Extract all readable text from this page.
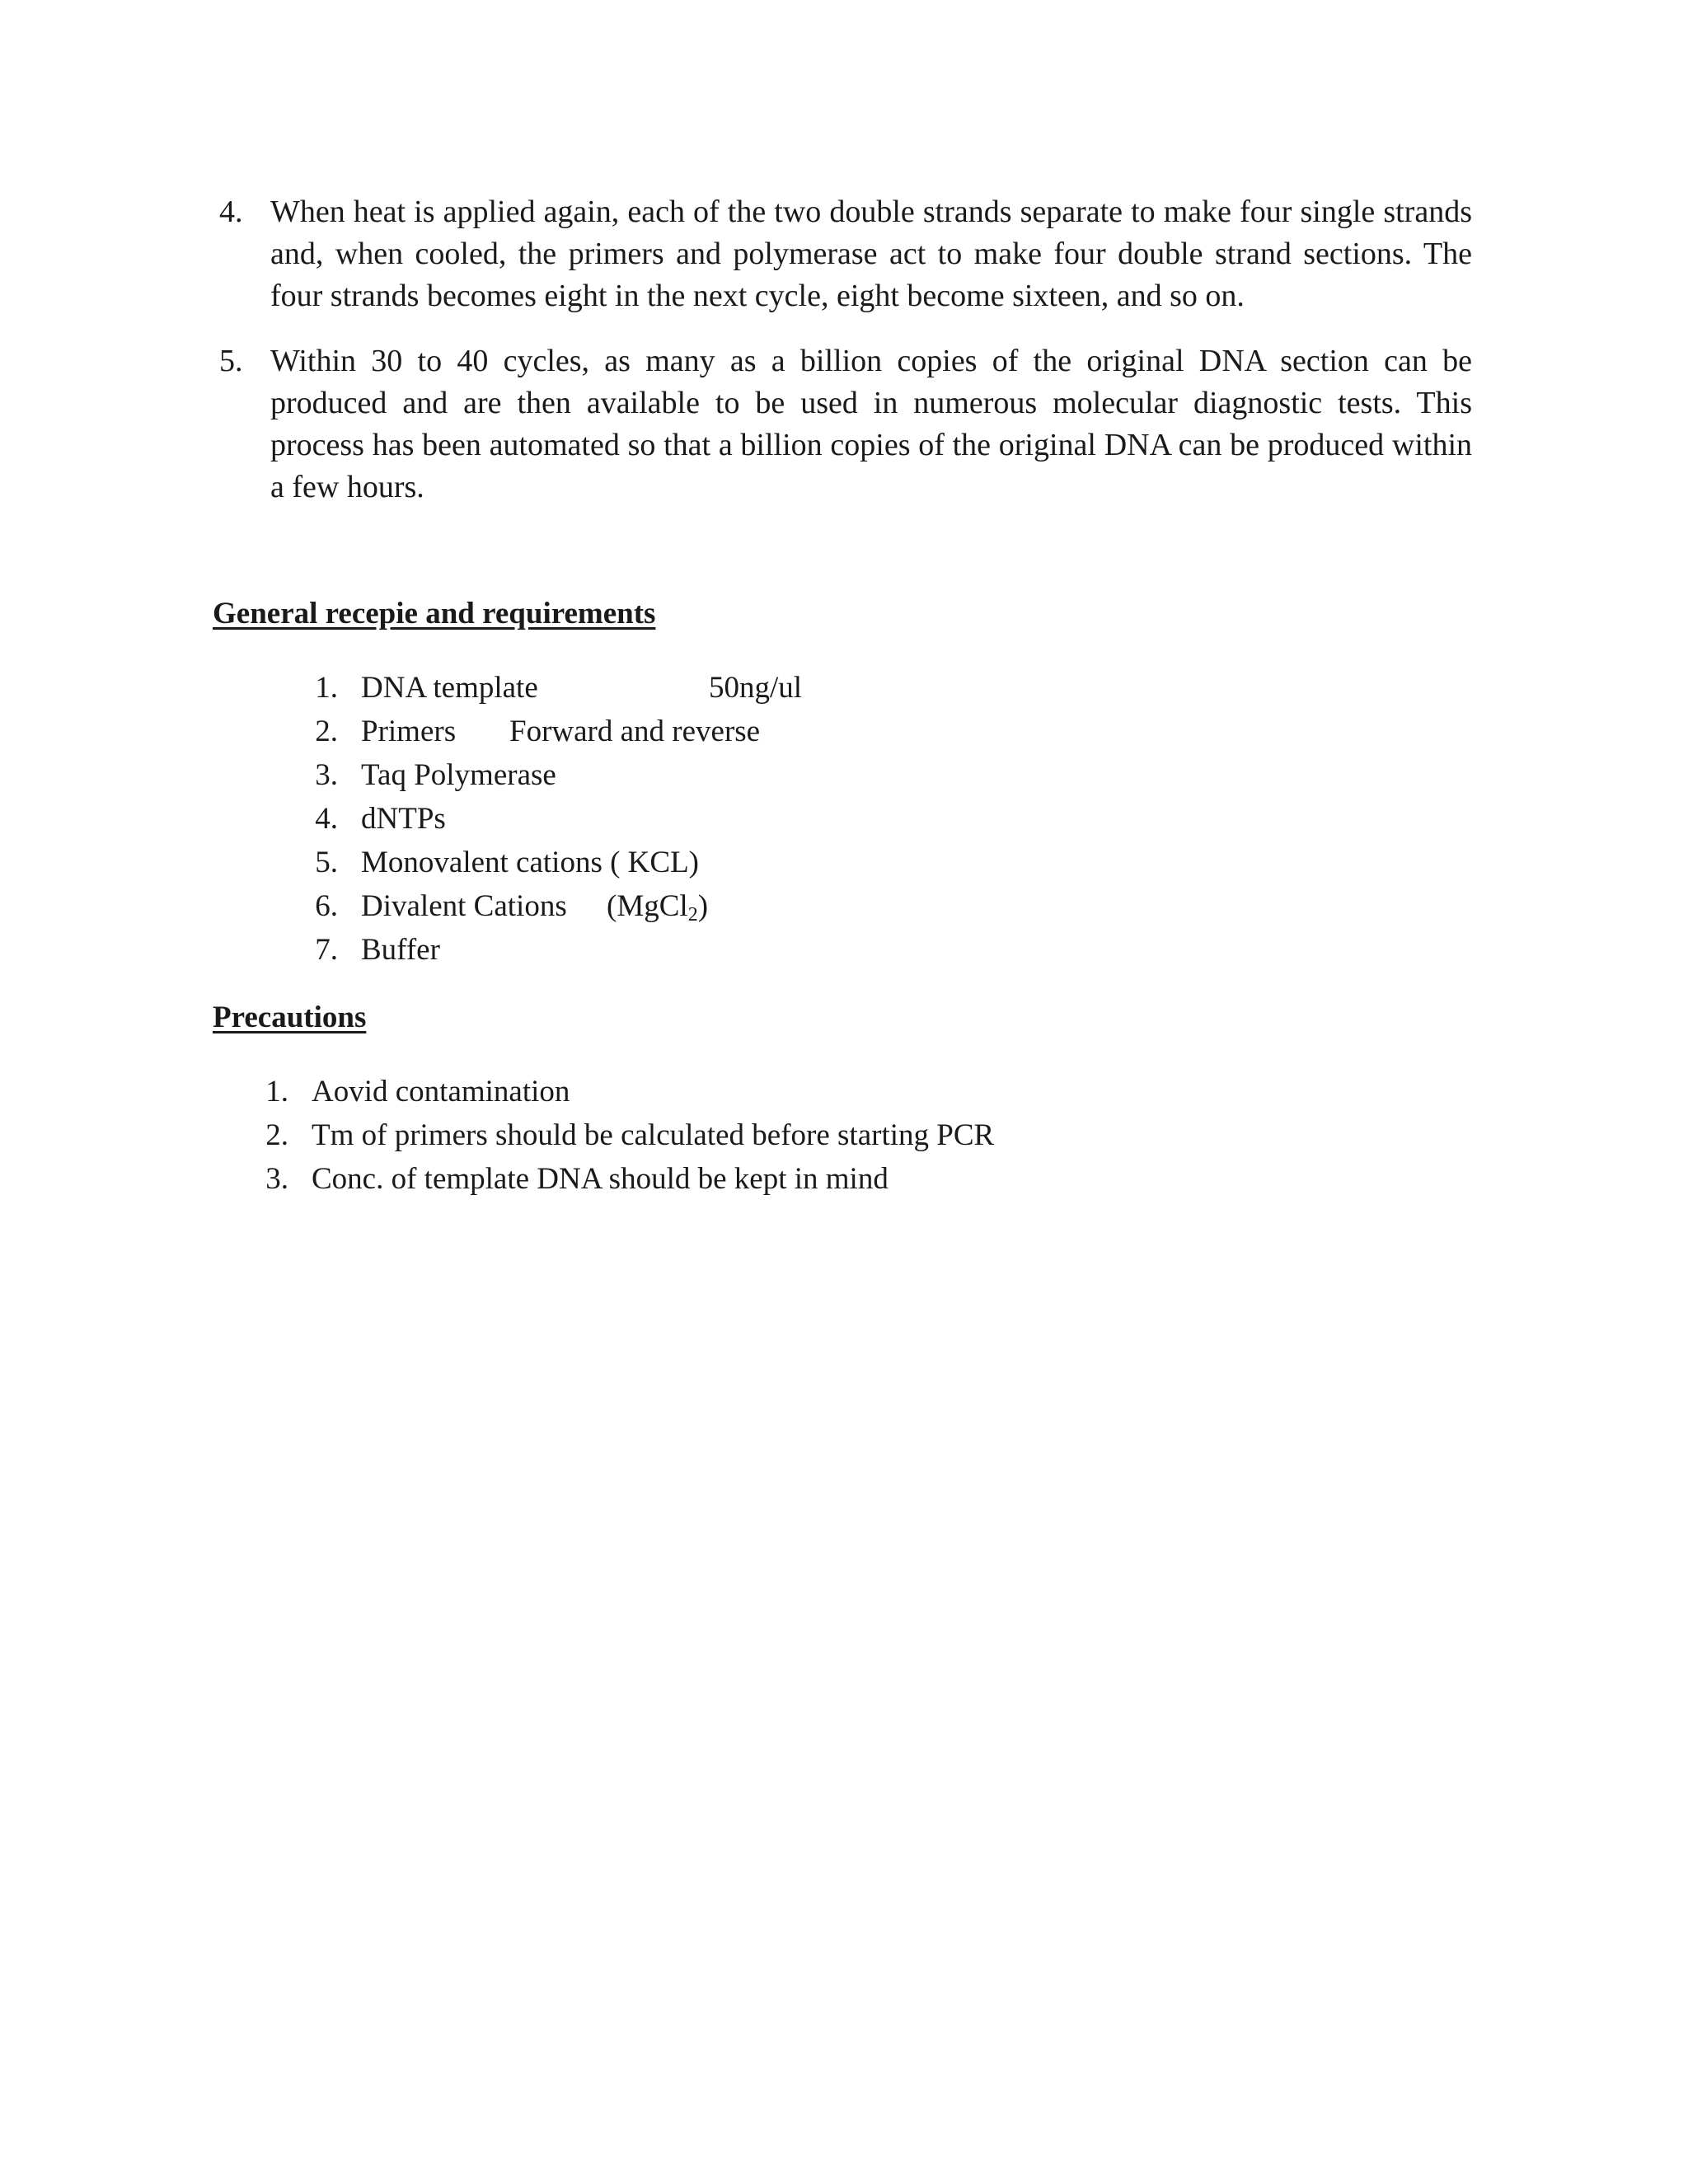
4. When heat is applied again, each of the two double strands separate to make four single strands and, when cooled, the primers and polymerase act to make four double strand sections. The four strands becomes eight in the next cycle, eight become sixteen, and so on.
5. Within 30 to 40 cycles, as many as a billion copies of the original DNA section can be produced and are then available to be used in numerous molecular diagnostic tests. This process has been automated so that a billion copies of the original DNA can be produced within a few hours.
General recepie and requirements
1. DNA template	50ng/ul
2. Primers Forward and reverse
3. Taq Polymerase
4. dNTPs
5. Monovalent cations ( KCL)
6. Divalent Cations (MgCl$_2$)
7. Buffer
Precautions
1. Aovid contamination
2. Tm of primers should be calculated before starting PCR
3. Conc. of template DNA should be kept in mind
